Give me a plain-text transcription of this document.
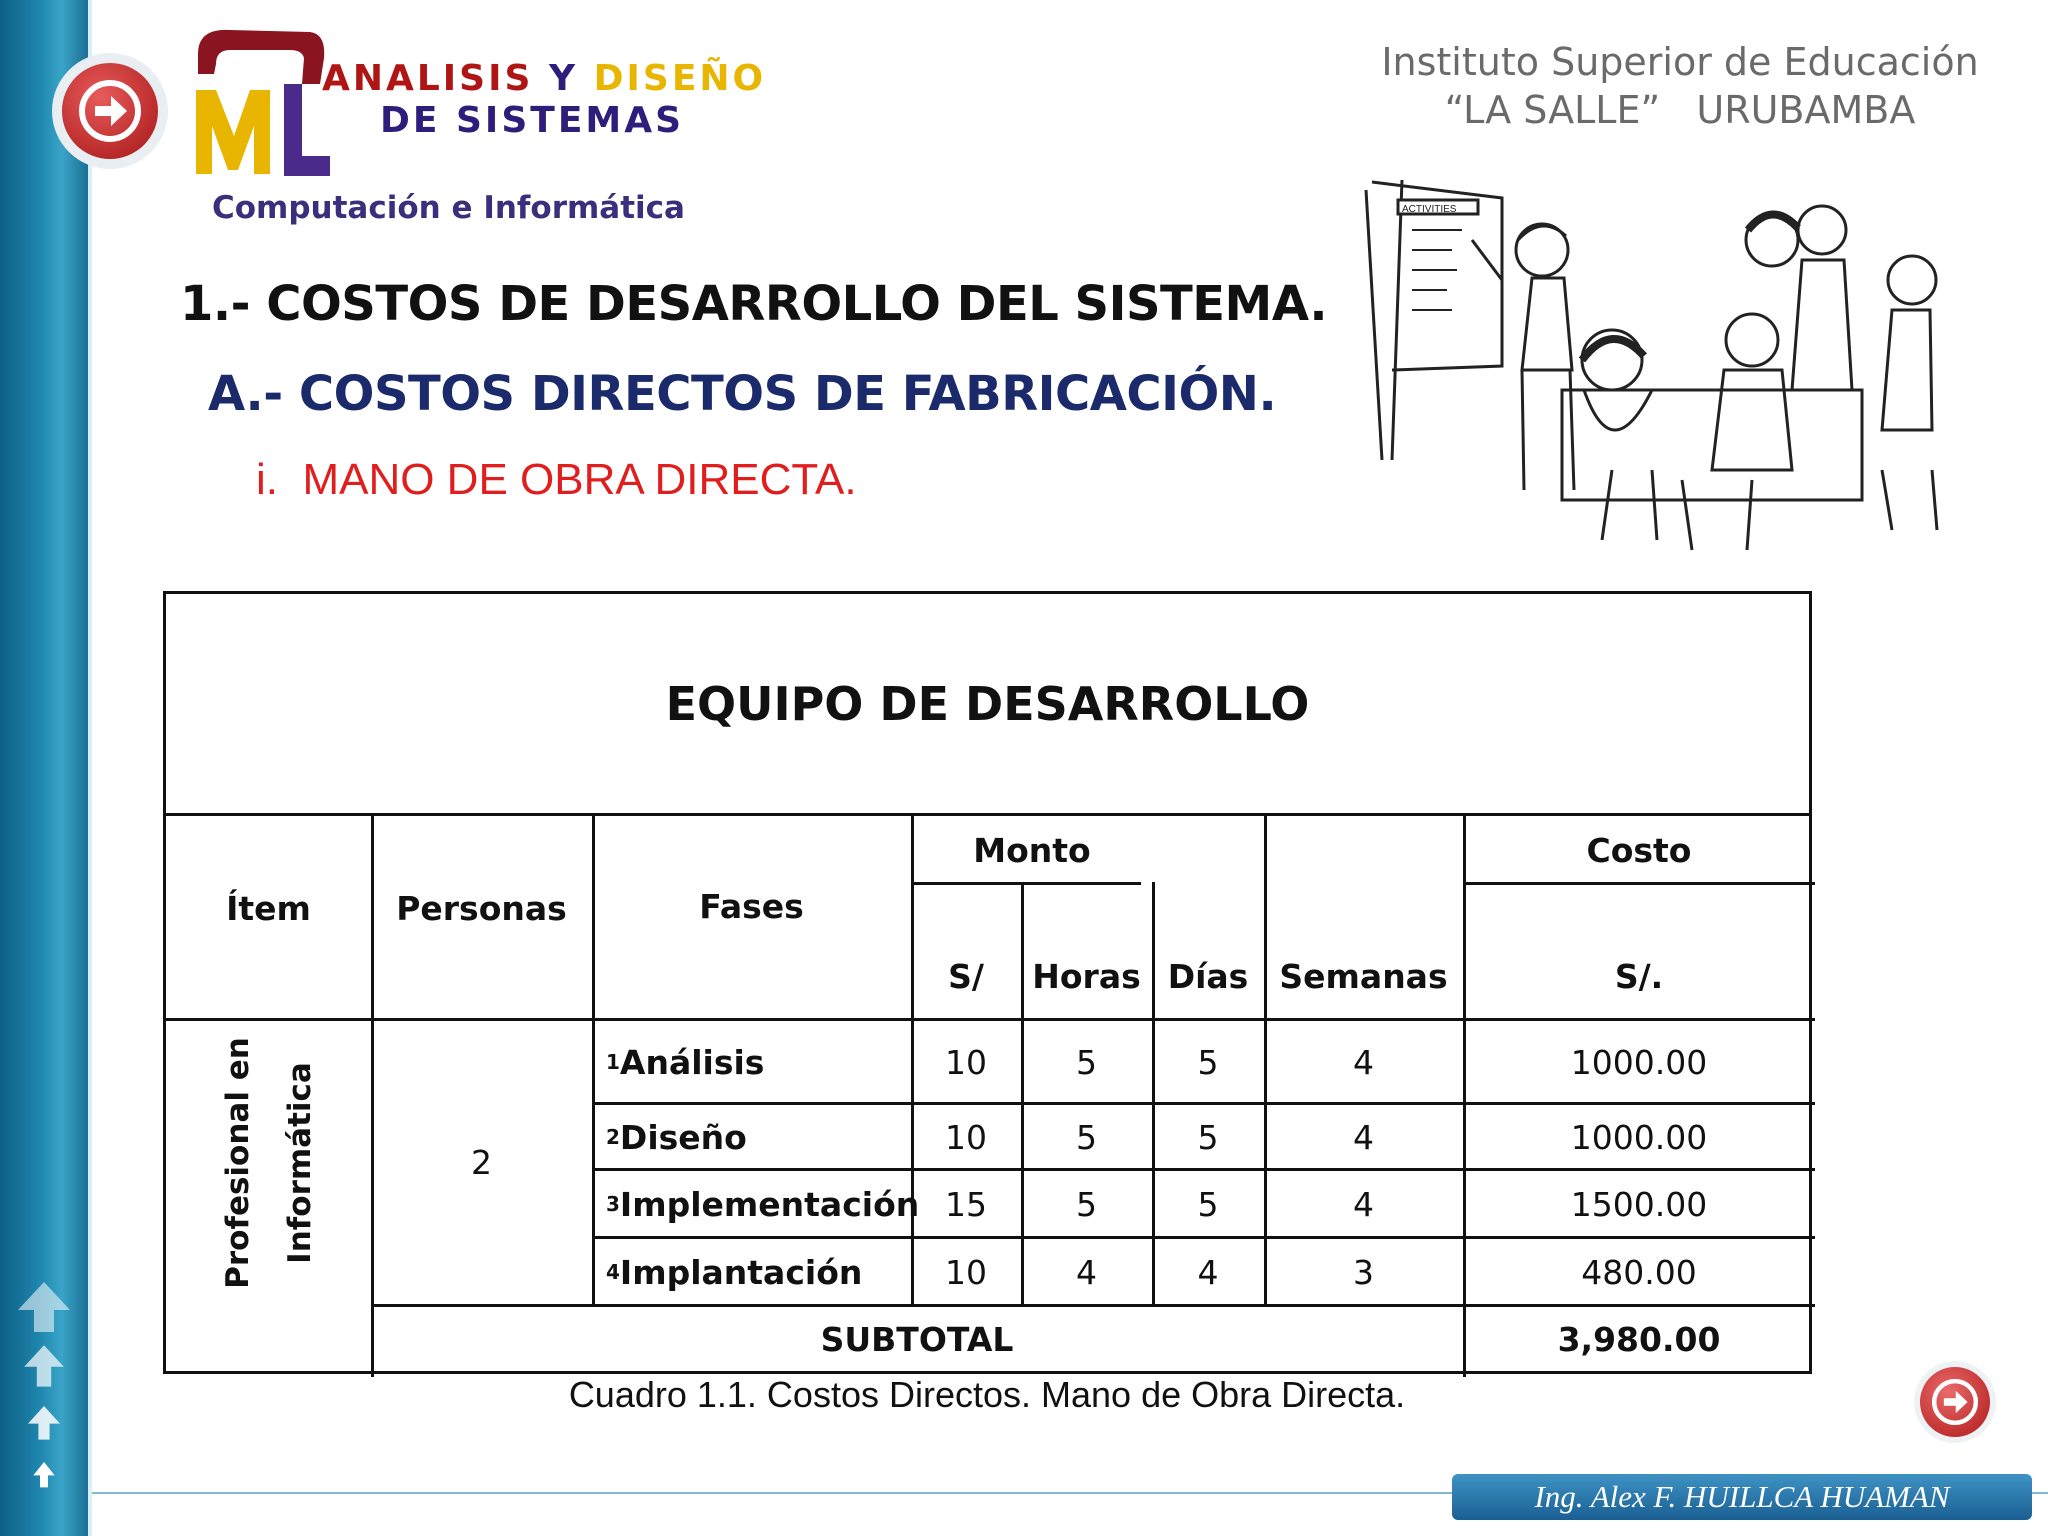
U
ANALISIS Y DISEÑO
DE SISTEMAS
Computación e Informática
Instituto Superior de Educación
“LA SALLE”   URUBAMBA
1.- COSTOS DE DESARROLLO DEL SISTEMA.
A.- COSTOS DIRECTOS DE FABRICACIÓN.
i.  MANO DE OBRA DIRECTA.
ACTIVITIES
EQUIPO DE DESARROLLO
Ítem	Personas	Fases
Monto
S/	Horas Días Semanas
Costo
S/.
Profesional en Informática	2
1 Análisis	10	5	5	4	1000.00
2 Diseño	10	5	5	4	1000.00
3 Implementación 15	5	5	4	1500.00
4 Implantación	10	4	4	3	480.00
SUBTOTAL	3,980.00
Cuadro 1.1. Costos Directos. Mano de Obra Directa.
Ing. Alex F. HUILLCA HUAMAN
